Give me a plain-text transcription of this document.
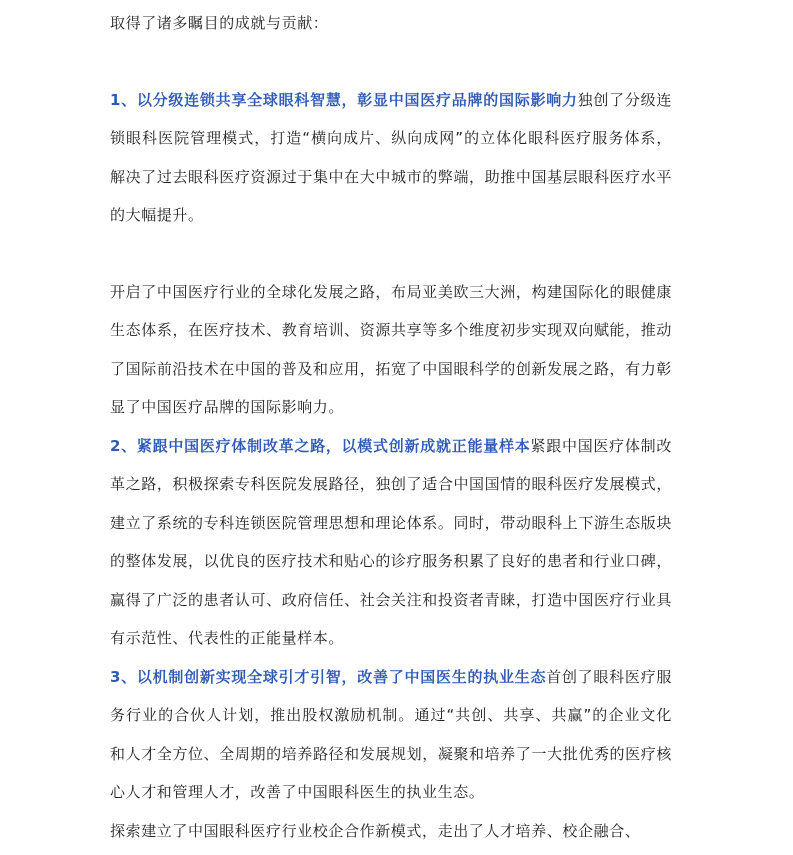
取得了诸多瞩目的成就与贡献：

1、以分级连锁共享全球眼科智慧，彰显中国医疗品牌的国际影响力独创了分级连锁眼科医院管理模式，打造“横向成片、纵向成网”的立体化眼科医疗服务体系，解决了过去眼科医疗资源过于集中在大中城市的弊端，助推中国基层眼科医疗水平的大幅提升。

开启了中国医疗行业的全球化发展之路，布局亚美欧三大洲，构建国际化的眼健康生态体系，在医疗技术、教育培训、资源共享等多个维度初步实现双向赋能，推动了国际前沿技术在中国的普及和应用，拓宽了中国眼科学的创新发展之路，有力彰显了中国医疗品牌的国际影响力。

2、紧跟中国医疗体制改革之路，以模式创新成就正能量样本紧跟中国医疗体制改革之路，积极探索专科医院发展路径，独创了适合中国国情的眼科医疗发展模式，建立了系统的专科连锁医院管理思想和理论体系。同时，带动眼科上下游生态版块的整体发展，以优良的医疗技术和贴心的诊疗服务积累了良好的患者和行业口碑，赢得了广泛的患者认可、政府信任、社会关注和投资者青睐，打造中国医疗行业具有示范性、代表性的正能量样本。

3、以机制创新实现全球引才引智，改善了中国医生的执业生态首创了眼科医疗服务行业的合伙人计划，推出股权激励机制。通过“共创、共享、共赢”的企业文化和人才全方位、全周期的培养路径和发展规划，凝聚和培养了一大批优秀的医疗核心人才和管理人才，改善了中国眼科医生的执业生态。

探索建立了中国眼科医疗行业校企合作新模式，走出了人才培养、校企融合、
